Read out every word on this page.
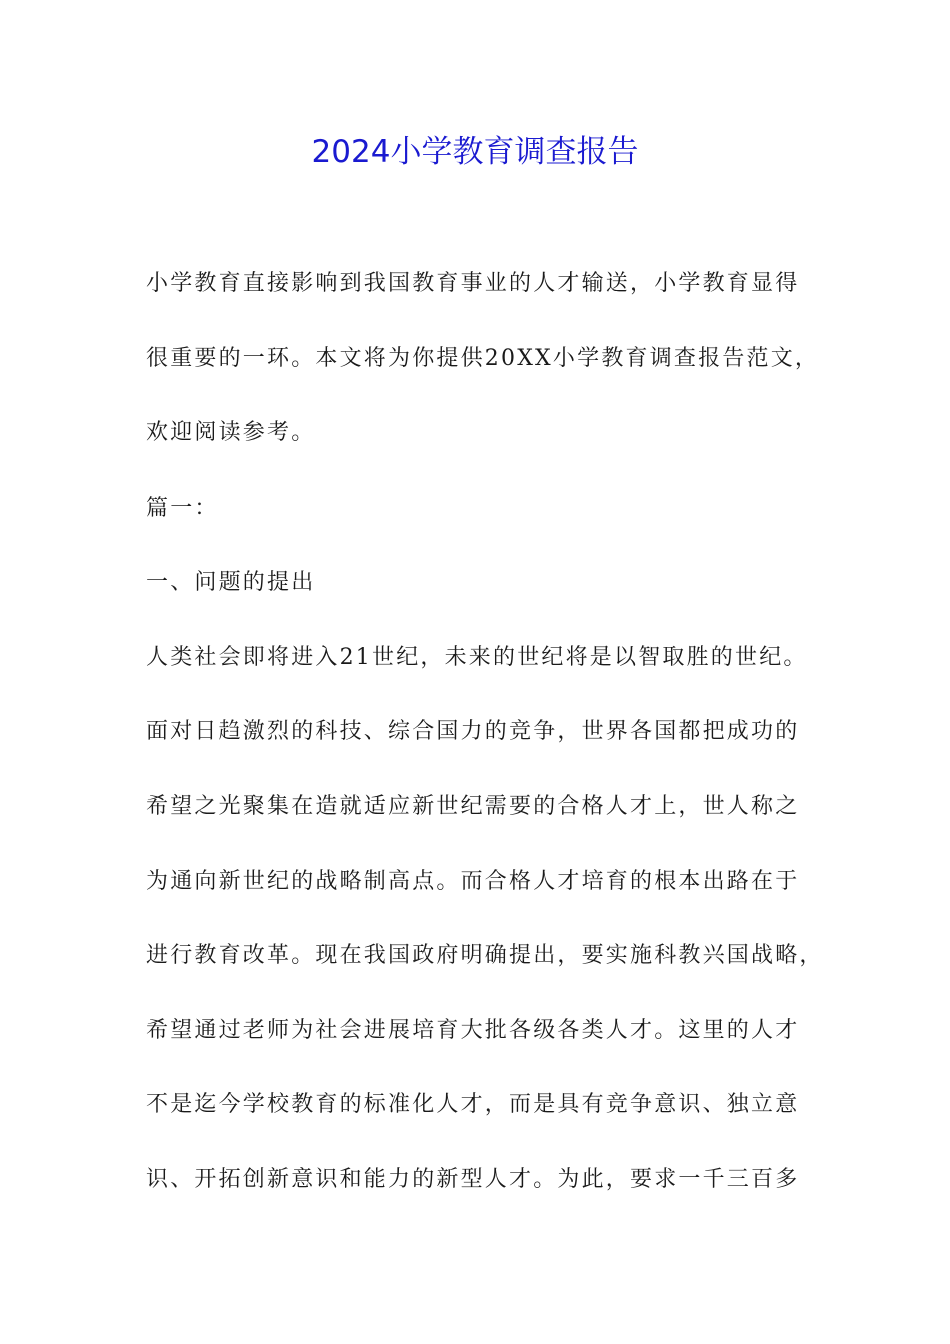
2024小学教育调查报告

小学教育直接影响到我国教育事业的人才输送，小学教育显得

很重要的一环。本文将为你提供20XX小学教育调查报告范文，

欢迎阅读参考。

篇一：

一、问题的提出

人类社会即将进入21世纪，未来的世纪将是以智取胜的世纪。

面对日趋激烈的科技、综合国力的竞争，世界各国都把成功的

希望之光聚集在造就适应新世纪需要的合格人才上，世人称之

为通向新世纪的战略制高点。而合格人才培育的根本出路在于

进行教育改革。现在我国政府明确提出，要实施科教兴国战略，

希望通过老师为社会进展培育大批各级各类人才。这里的人才

不是迄今学校教育的标准化人才，而是具有竞争意识、独立意

识、开拓创新意识和能力的新型人才。为此，要求一千三百多
